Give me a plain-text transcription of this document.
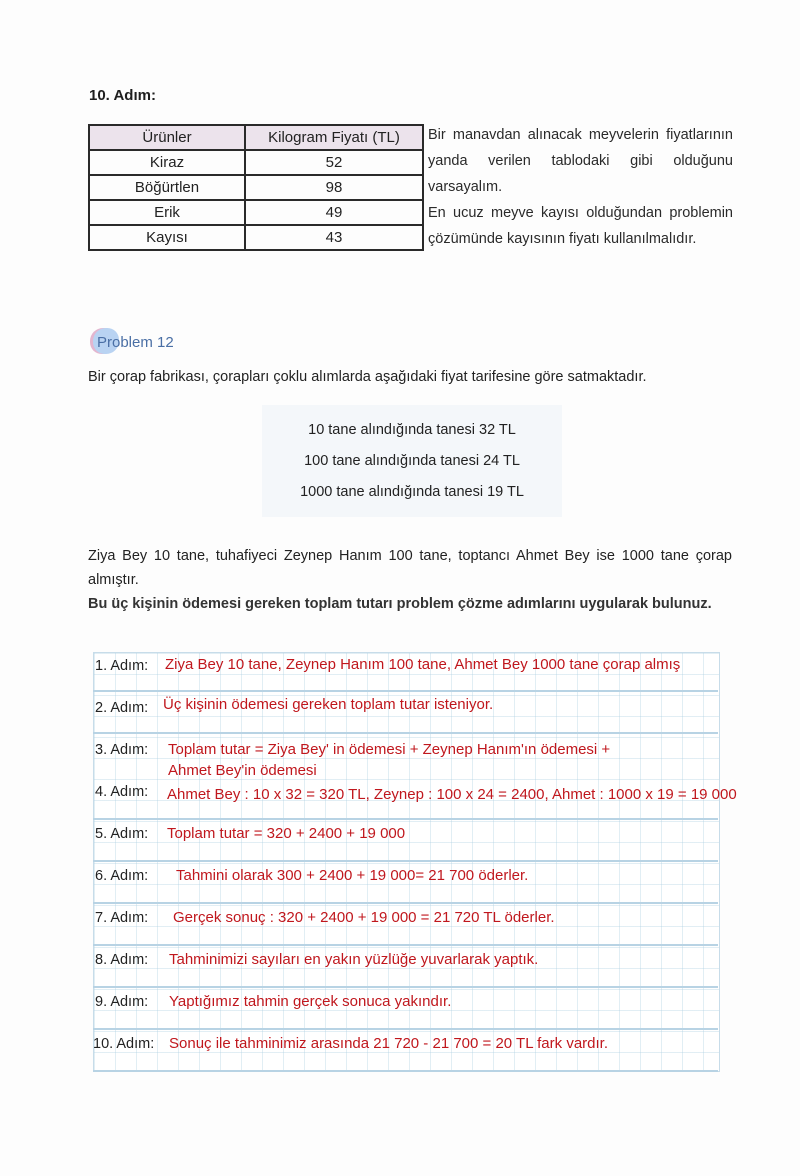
10. Adım:
Ürünler	Kilogram Fiyatı (TL)
Kiraz	52
Böğürtlen	98
Erik	49
Kayısı	43

Bir manavdan alınacak meyvelerin fiyatlarının yanda verilen tablodaki gibi olduğunu varsayalım.

En ucuz meyve kayısı olduğundan problemin çözümünde kayısının fiyatı kullanılmalıdır.

Problem 12
Bir çorap fabrikası, çorapları çoklu alımlarda aşağıdaki fiyat tarifesine göre satmaktadır.
10 tane alındığında tanesi 32 TL
100 tane alındığında tanesi 24 TL
1000 tane alındığında tanesi 19 TL

Ziya Bey 10 tane, tuhafiyeci Zeynep Hanım 100 tane, toptancı Ahmet Bey ise 1000 tane çorap almıştır.

Bu üç kişinin ödemesi gereken toplam tutarı problem çözme adımlarını uygularak bulunuz.

1. Adım: Ziya Bey 10 tane, Zeynep Hanım 100 tane, Ahmet Bey 1000 tane çorap almış
2. Adım: Üç kişinin ödemesi gereken toplam tutar isteniyor.
3. Adım: Toplam tutar = Ziya Bey' in ödemesi + Zeynep Hanım'ın ödemesi +
Ahmet Bey'in ödemesi
4. Adım: Ahmet Bey : 10 x 32 = 320 TL, Zeynep : 100 x 24 = 2400, Ahmet : 1000 x 19 = 19 000
5. Adım: Toplam tutar = 320 + 2400 + 19 000
6. Adım: Tahmini olarak 300 + 2400 + 19 000= 21 700 öderler.
7. Adım: Gerçek sonuç : 320 + 2400 + 19 000 = 21 720 TL öderler.
8. Adım: Tahminimizi sayıları en yakın yüzlüğe yuvarlarak yaptık.
9. Adım: Yaptığımız tahmin gerçek sonuca yakındır.
10. Adım: Sonuç ile tahminimiz arasında 21 720 - 21 700 = 20 TL fark vardır.
